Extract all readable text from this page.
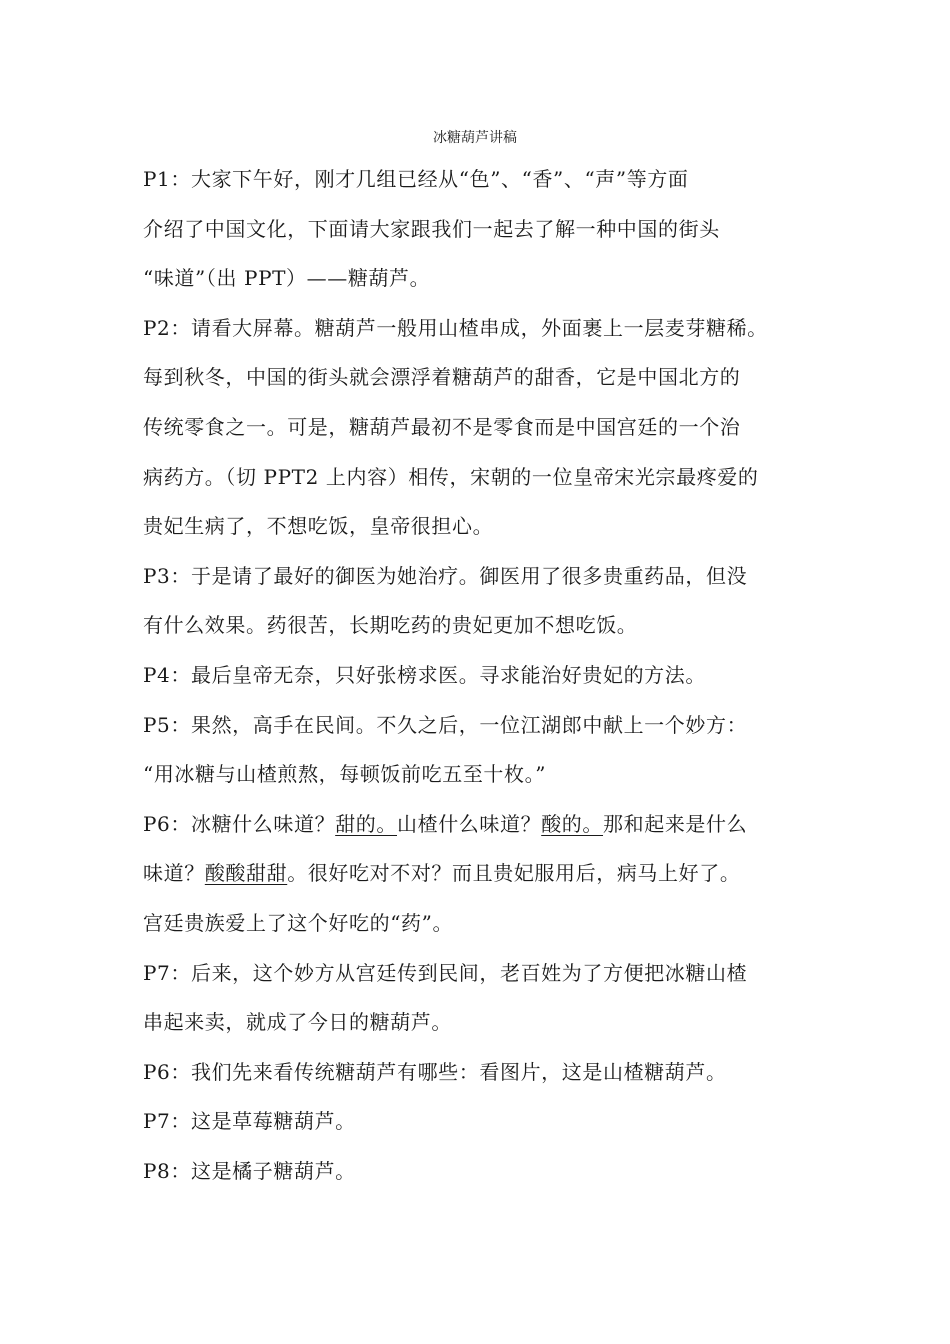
冰糖葫芦讲稿
P1：大家下午好，刚才几组已经从“色”、“香”、“声”等方面
介绍了中国文化，下面请大家跟我们一起去了解一种中国的街头
“味道”（出 PPT）——糖葫芦。
P2：请看大屏幕。糖葫芦一般用山楂串成，外面裹上一层麦芽糖稀。
每到秋冬，中国的街头就会漂浮着糖葫芦的甜香，它是中国北方的
传统零食之一。可是，糖葫芦最初不是零食而是中国宫廷的一个治
病药方。（切 PPT2 上内容）相传，宋朝的一位皇帝宋光宗最疼爱的
贵妃生病了，不想吃饭，皇帝很担心。
P3：于是请了最好的御医为她治疗。御医用了很多贵重药品，但没
有什么效果。药很苦，长期吃药的贵妃更加不想吃饭。
P4：最后皇帝无奈，只好张榜求医。寻求能治好贵妃的方法。
P5：果然，高手在民间。不久之后，一位江湖郎中献上一个妙方：
“用冰糖与山楂煎熬，每顿饭前吃五至十枚。”
P6：冰糖什么味道？甜的。山楂什么味道？酸的。那和起来是什么
味道？酸酸甜甜。很好吃对不对？而且贵妃服用后，病马上好了。
宫廷贵族爱上了这个好吃的“药”。
P7：后来，这个妙方从宫廷传到民间，老百姓为了方便把冰糖山楂
串起来卖，就成了今日的糖葫芦。
P6：我们先来看传统糖葫芦有哪些：看图片，这是山楂糖葫芦。
P7：这是草莓糖葫芦。
P8：这是橘子糖葫芦。
